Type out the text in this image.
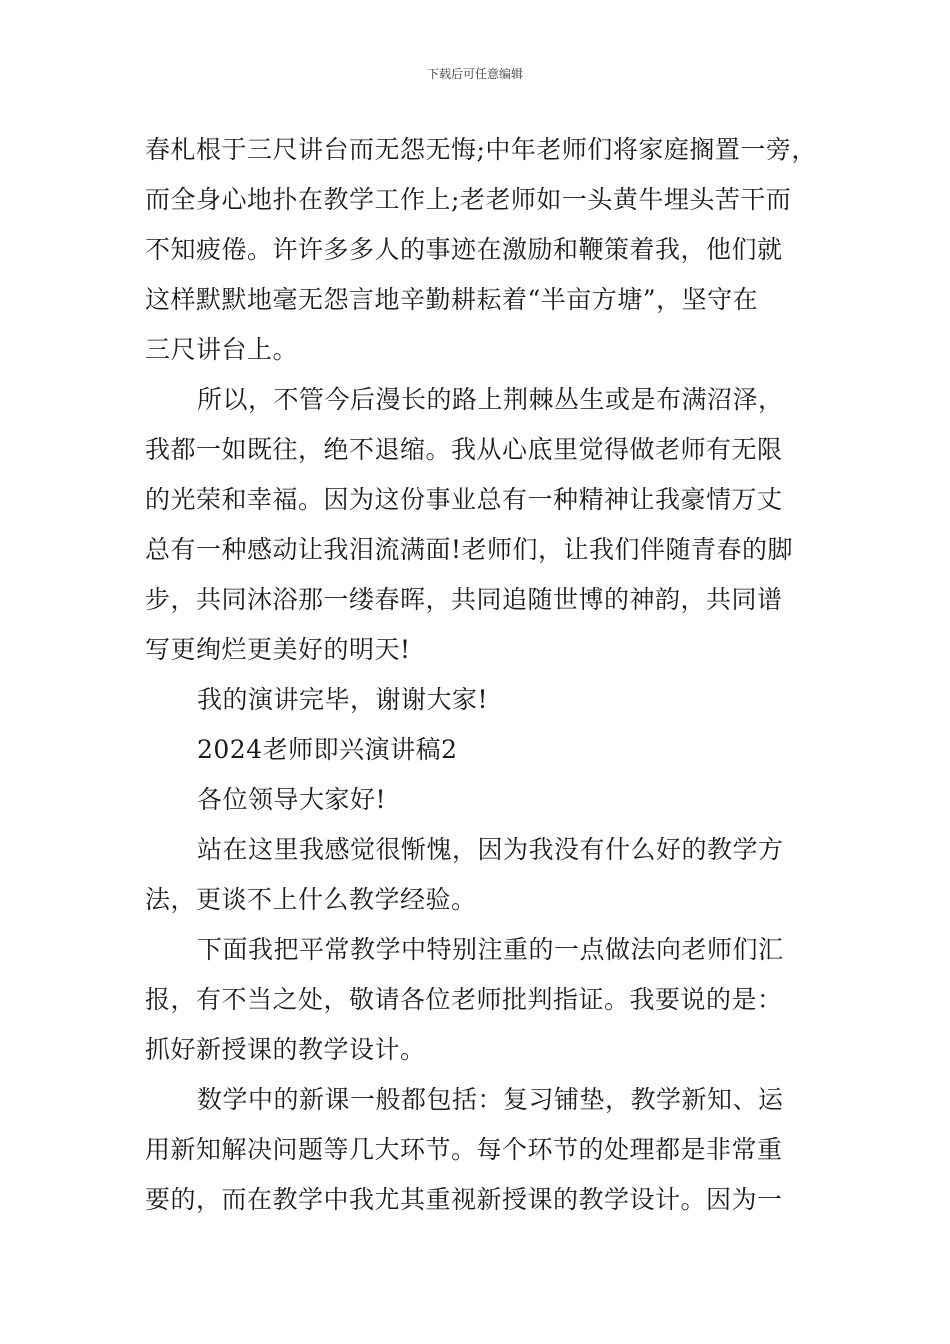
下载后可任意编辑
春札根于三尺讲台而无怨无悔;中年老师们将家庭搁置一旁，
而全身心地扑在教学工作上;老老师如一头黄牛埋头苦干而
不知疲倦。许许多多人的事迹在激励和鞭策着我，他们就
这样默默地毫无怨言地辛勤耕耘着“半亩方塘”，坚守在
三尺讲台上。
所以，不管今后漫长的路上荆棘丛生或是布满沼泽，
我都一如既往，绝不退缩。我从心底里觉得做老师有无限
的光荣和幸福。因为这份事业总有一种精神让我豪情万丈
总有一种感动让我泪流满面!老师们，让我们伴随青春的脚
步，共同沐浴那一缕春晖，共同追随世博的神韵，共同谱
写更绚烂更美好的明天!
我的演讲完毕，谢谢大家!
2024老师即兴演讲稿2
各位领导大家好!
站在这里我感觉很惭愧，因为我没有什么好的教学方
法，更谈不上什么教学经验。
下面我把平常教学中特别注重的一点做法向老师们汇
报，有不当之处，敬请各位老师批判指证。我要说的是：
抓好新授课的教学设计。
数学中的新课一般都包括：复习铺垫，教学新知、运
用新知解决问题等几大环节。每个环节的处理都是非常重
要的，而在教学中我尤其重视新授课的教学设计。因为一
